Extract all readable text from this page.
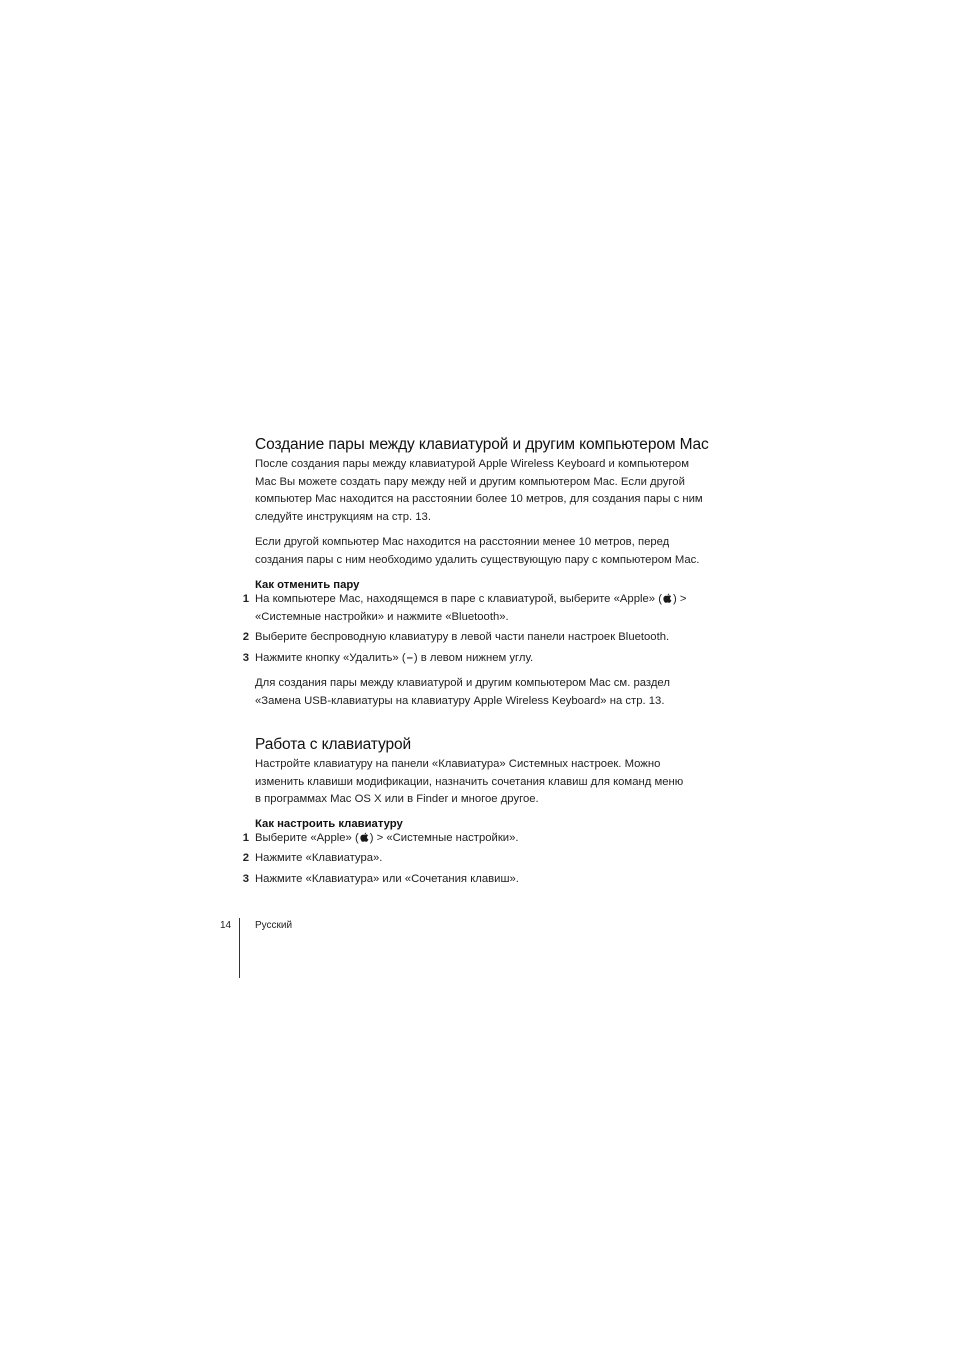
Создание пары между клавиатурой и другим компьютером Mac

После создания пары между клавиатурой Apple Wireless Keyboard и компьютером
Mac Вы можете создать пару между ней и другим компьютером Mac. Если другой
компьютер Mac находится на расстоянии более 10 метров, для создания пары с ним
следуйте инструкциям на стр. 13.

Если другой компьютер Mac находится на расстоянии менее 10 метров, перед
создания пары с ним необходимо удалить существующую пару с компьютером Mac.

Как отменить пару
1 На компьютере Mac, находящемся в паре с клавиатурой, выберите «Apple» ( ) >
«Системные настройки» и нажмите «Bluetooth».
2 Выберите беспроводную клавиатуру в левой части панели настроек Bluetooth.
3 Нажмите кнопку «Удалить» (–) в левом нижнем углу.

Для создания пары между клавиатурой и другим компьютером Mac см. раздел
«Замена USB-клавиатуры на клавиатуру Apple Wireless Keyboard» на стр. 13.

Работа с клавиатурой

Настройте клавиатуру на панели «Клавиатура» Системных настроек. Можно
изменить клавиши модификации, назначить сочетания клавиш для команд меню
в программах Mac OS X или в Finder и многое другое.

Как настроить клавиатуру
1 Выберите «Apple» ( ) > «Системные настройки».
2 Нажмите «Клавиатура».
3 Нажмите «Клавиатура» или «Сочетания клавиш».
14 Русский
